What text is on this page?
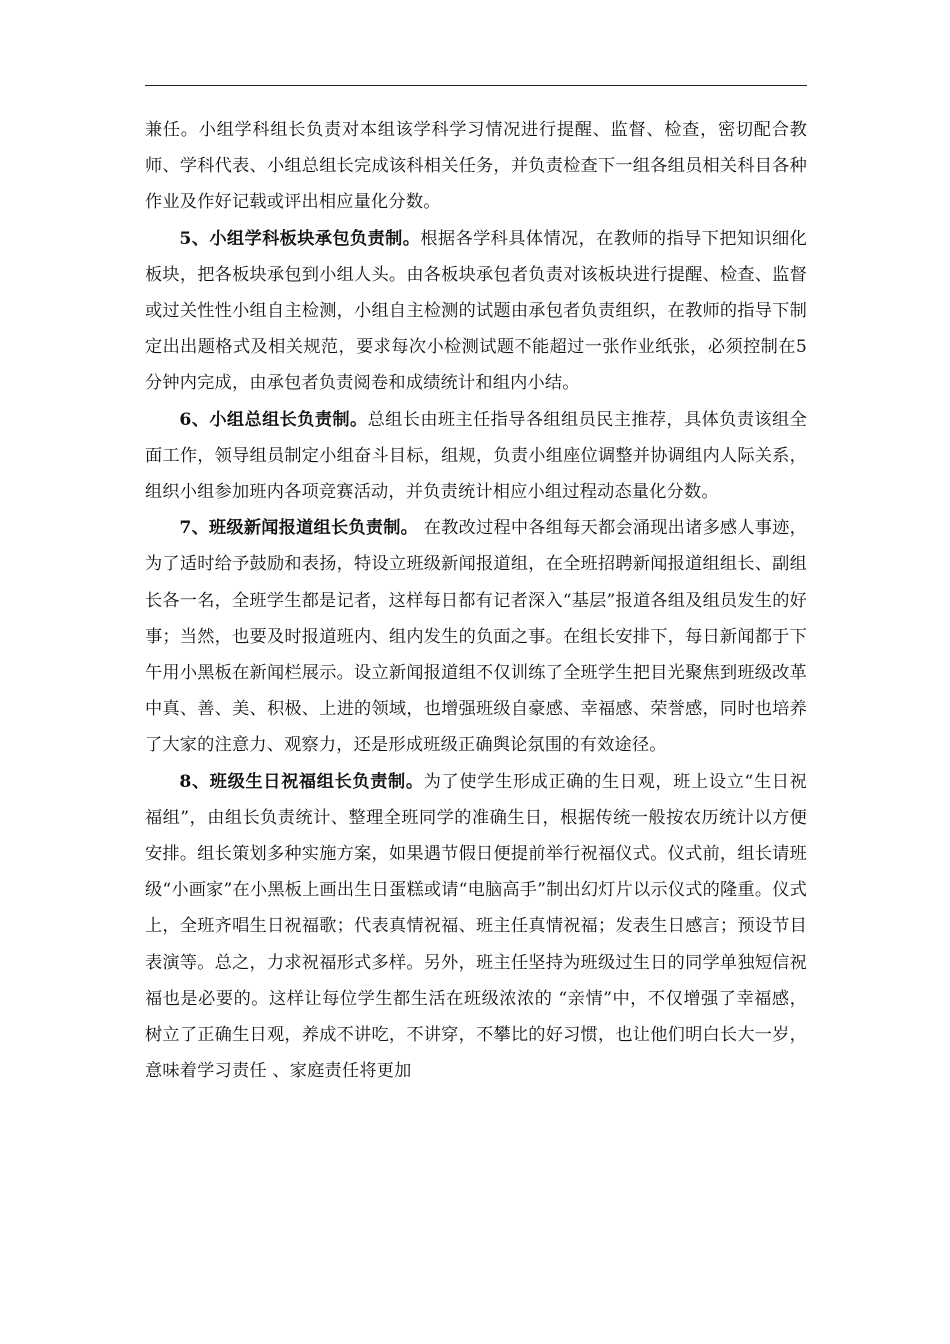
兼任。小组学科组长负责对本组该学科学习情况进行提醒、监督、检查，密切配合教师、学科代表、小组总组长完成该科相关任务，并负责检查下一组各组员相关科目各种作业及作好记载或评出相应量化分数。

5、小组学科板块承包负责制。根据各学科具体情况，在教师的指导下把知识细化板块，把各板块承包到小组人头。由各板块承包者负责对该板块进行提醒、检查、监督或过关性性小组自主检测，小组自主检测的试题由承包者负责组织，在教师的指导下制定出出题格式及相关规范，要求每次小检测试题不能超过一张作业纸张，必须控制在5分钟内完成，由承包者负责阅卷和成绩统计和组内小结。

6、小组总组长负责制。总组长由班主任指导各组组员民主推荐，具体负责该组全面工作，领导组员制定小组奋斗目标，组规，负责小组座位调整并协调组内人际关系，组织小组参加班内各项竞赛活动，并负责统计相应小组过程动态量化分数。

7、班级新闻报道组长负责制。 在教改过程中各组每天都会涌现出诸多感人事迹，为了适时给予鼓励和表扬，特设立班级新闻报道组，在全班招聘新闻报道组组长、副组长各一名，全班学生都是记者，这样每日都有记者深入“基层”报道各组及组员发生的好事；当然，也要及时报道班内、组内发生的负面之事。在组长安排下，每日新闻都于下午用小黑板在新闻栏展示。设立新闻报道组不仅训练了全班学生把目光聚焦到班级改革中真、善、美、积极、上进的领域，也增强班级自豪感、幸福感、荣誉感，同时也培养了大家的注意力、观察力，还是形成班级正确舆论氛围的有效途径。

8、班级生日祝福组长负责制。为了使学生形成正确的生日观，班上设立“生日祝福组”，由组长负责统计、整理全班同学的准确生日，根据传统一般按农历统计以方便安排。组长策划多种实施方案，如果遇节假日便提前举行祝福仪式。仪式前，组长请班级“小画家”在小黑板上画出生日蛋糕或请“电脑高手”制出幻灯片以示仪式的隆重。仪式上，全班齐唱生日祝福歌；代表真情祝福、班主任真情祝福；发表生日感言；预设节目表演等。总之，力求祝福形式多样。另外，班主任坚持为班级过生日的同学单独短信祝福也是必要的。这样让每位学生都生活在班级浓浓的 “亲情”中，不仅增强了幸福感，树立了正确生日观，养成不讲吃，不讲穿，不攀比的好习惯，也让他们明白长大一岁，意味着学习责任 、家庭责任将更加
